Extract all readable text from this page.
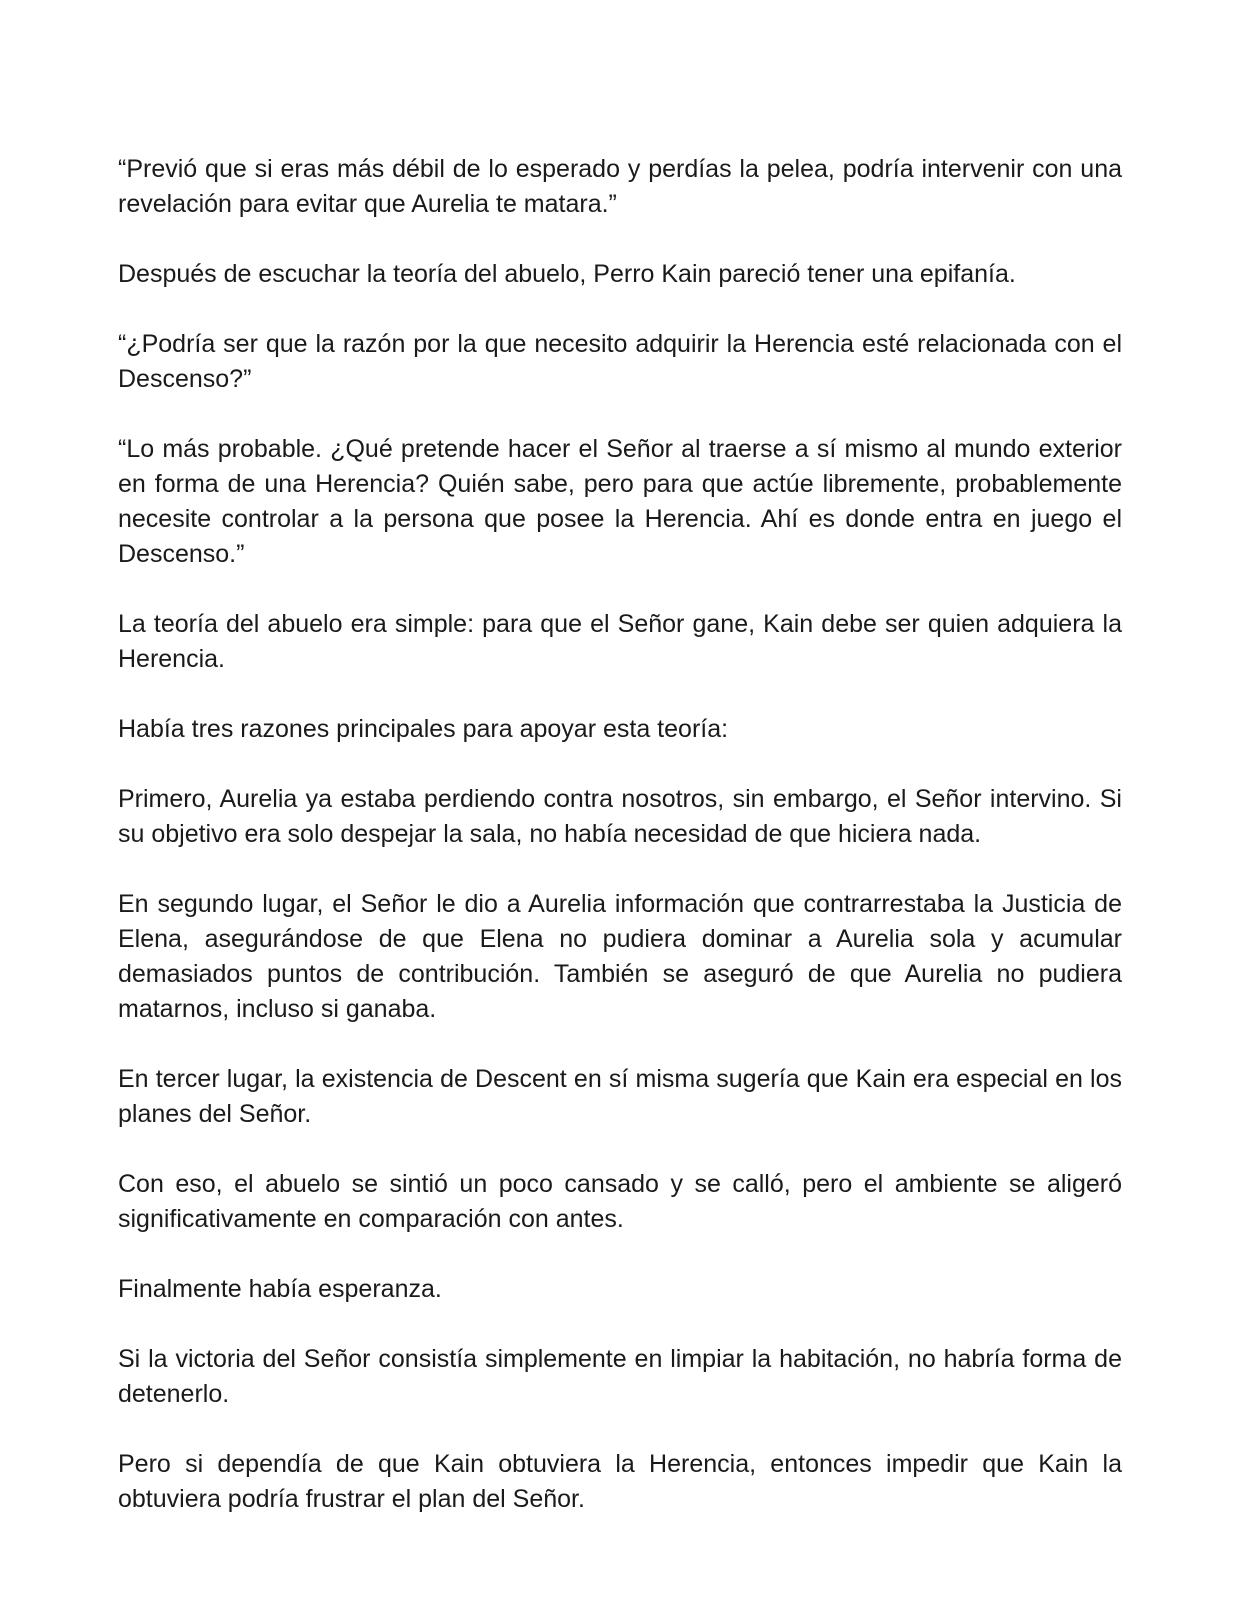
“Previó que si eras más débil de lo esperado y perdías la pelea, podría intervenir con una revelación para evitar que Aurelia te matara.”

Después de escuchar la teoría del abuelo, Perro Kain pareció tener una epifanía.

“¿Podría ser que la razón por la que necesito adquirir la Herencia esté relacionada con el Descenso?”

“Lo más probable. ¿Qué pretende hacer el Señor al traerse a sí mismo al mundo exterior en forma de una Herencia? Quién sabe, pero para que actúe libremente, probablemente necesite controlar a la persona que posee la Herencia. Ahí es donde entra en juego el Descenso.”

La teoría del abuelo era simple: para que el Señor gane, Kain debe ser quien adquiera la Herencia.

Había tres razones principales para apoyar esta teoría:

Primero, Aurelia ya estaba perdiendo contra nosotros, sin embargo, el Señor intervino. Si su objetivo era solo despejar la sala, no había necesidad de que hiciera nada.

En segundo lugar, el Señor le dio a Aurelia información que contrarrestaba la Justicia de Elena, asegurándose de que Elena no pudiera dominar a Aurelia sola y acumular demasiados puntos de contribución. También se aseguró de que Aurelia no pudiera matarnos, incluso si ganaba.

En tercer lugar, la existencia de Descent en sí misma sugería que Kain era especial en los planes del Señor.

Con eso, el abuelo se sintió un poco cansado y se calló, pero el ambiente se aligeró significativamente en comparación con antes.

Finalmente había esperanza.

Si la victoria del Señor consistía simplemente en limpiar la habitación, no habría forma de detenerlo.

Pero si dependía de que Kain obtuviera la Herencia, entonces impedir que Kain la obtuviera podría frustrar el plan del Señor.
